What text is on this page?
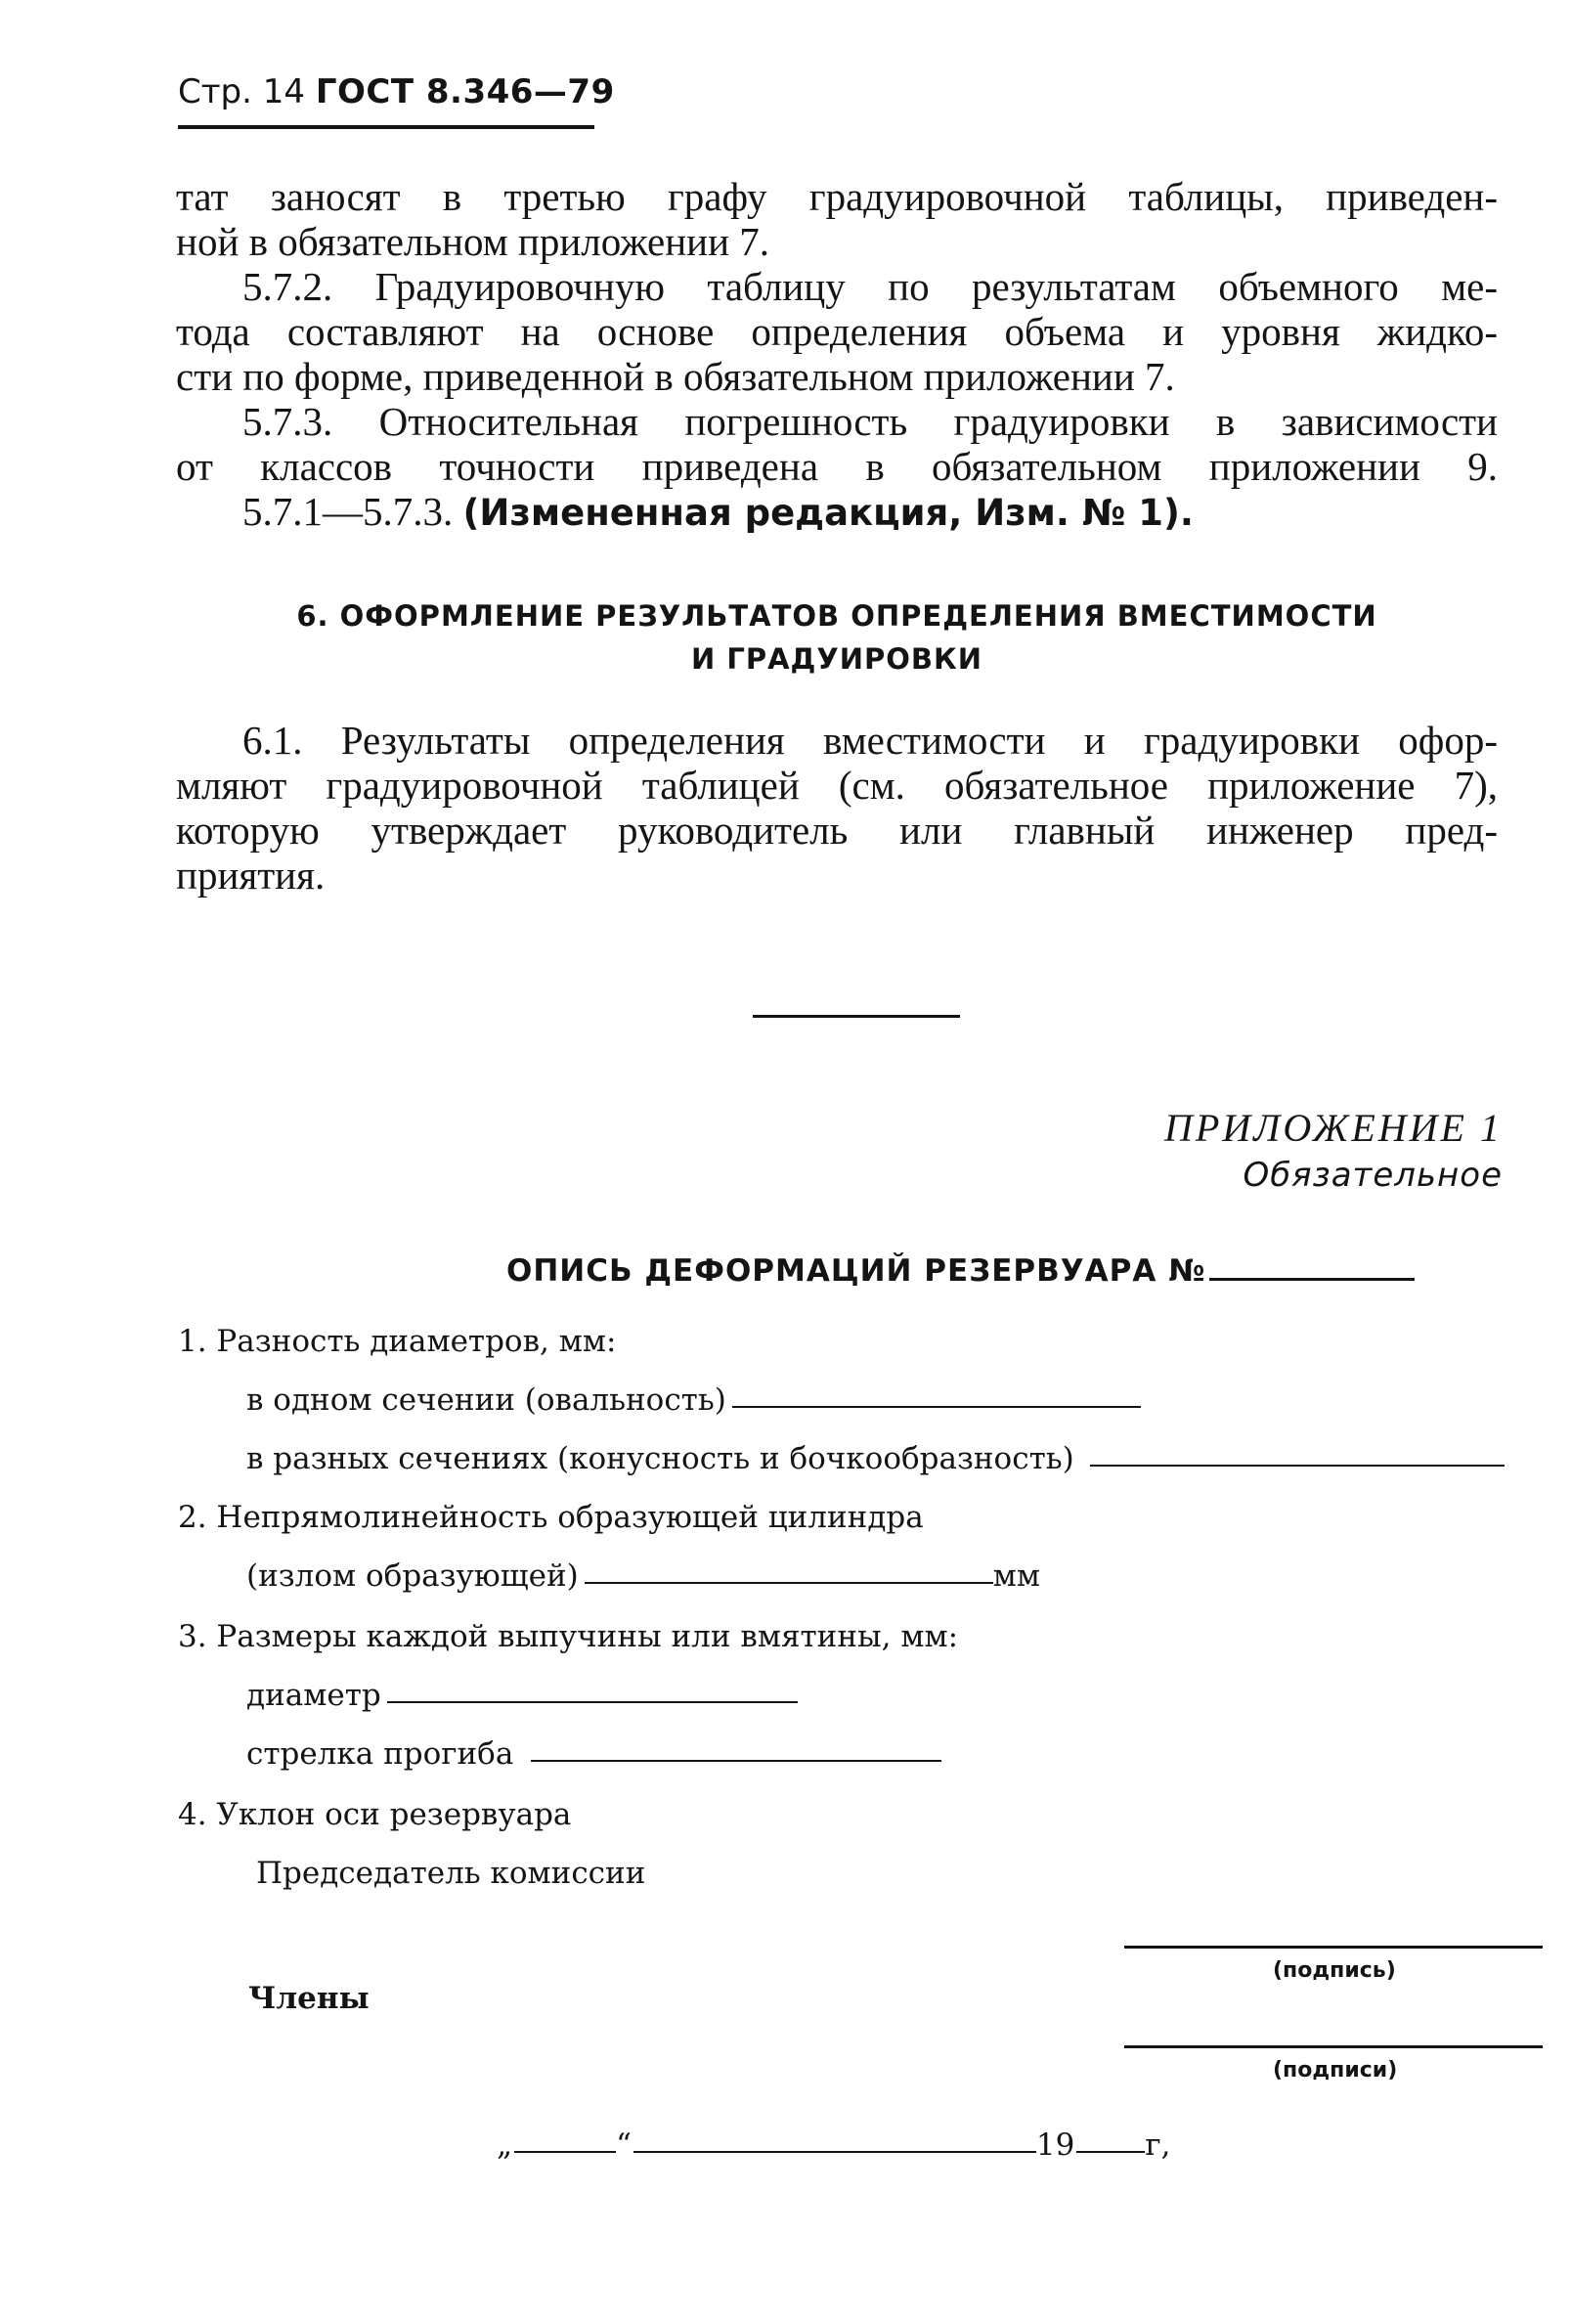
Стр. 14 ГОСТ 8.346—79
тат заносят в третью графу градуировочной таблицы, приведен-
ной в обязательном приложении 7.
5.7.2. Градуировочную таблицу по результатам объемного ме-
тода составляют на основе определения объема и уровня жидко-
сти по форме, приведенной в обязательном приложении 7.
5.7.3. Относительная погрешность градуировки в зависимости
от классов точности приведена в обязательном приложении 9.
5.7.1—5.7.3. (Измененная редакция, Изм. № 1).
6. ОФОРМЛЕНИЕ РЕЗУЛЬТАТОВ ОПРЕДЕЛЕНИЯ ВМЕСТИМОСТИ
И ГРАДУИРОВКИ
6.1. Результаты определения вместимости и градуировки офор-
мляют градуировочной таблицей (см. обязательное приложение 7),
которую утверждает руководитель или главный инженер пред-
приятия.
ПРИЛОЖЕНИЕ 1
Обязательное
ОПИСЬ ДЕФОРМАЦИЙ РЕЗЕРВУАРА №
1. Разность диаметров, мм:
в одном сечении (овальность)
в разных сечениях (конусность и бочкообразность)
2. Непрямолинейность образующей цилиндра
(излом образующей)	мм
3. Размеры каждой выпучины или вмятины, мм:
диаметр
стрелка прогиба
4. Уклон оси резервуара
Председатель комиссии
(подпись)
Члены
(подписи)
„	“	19 г,
